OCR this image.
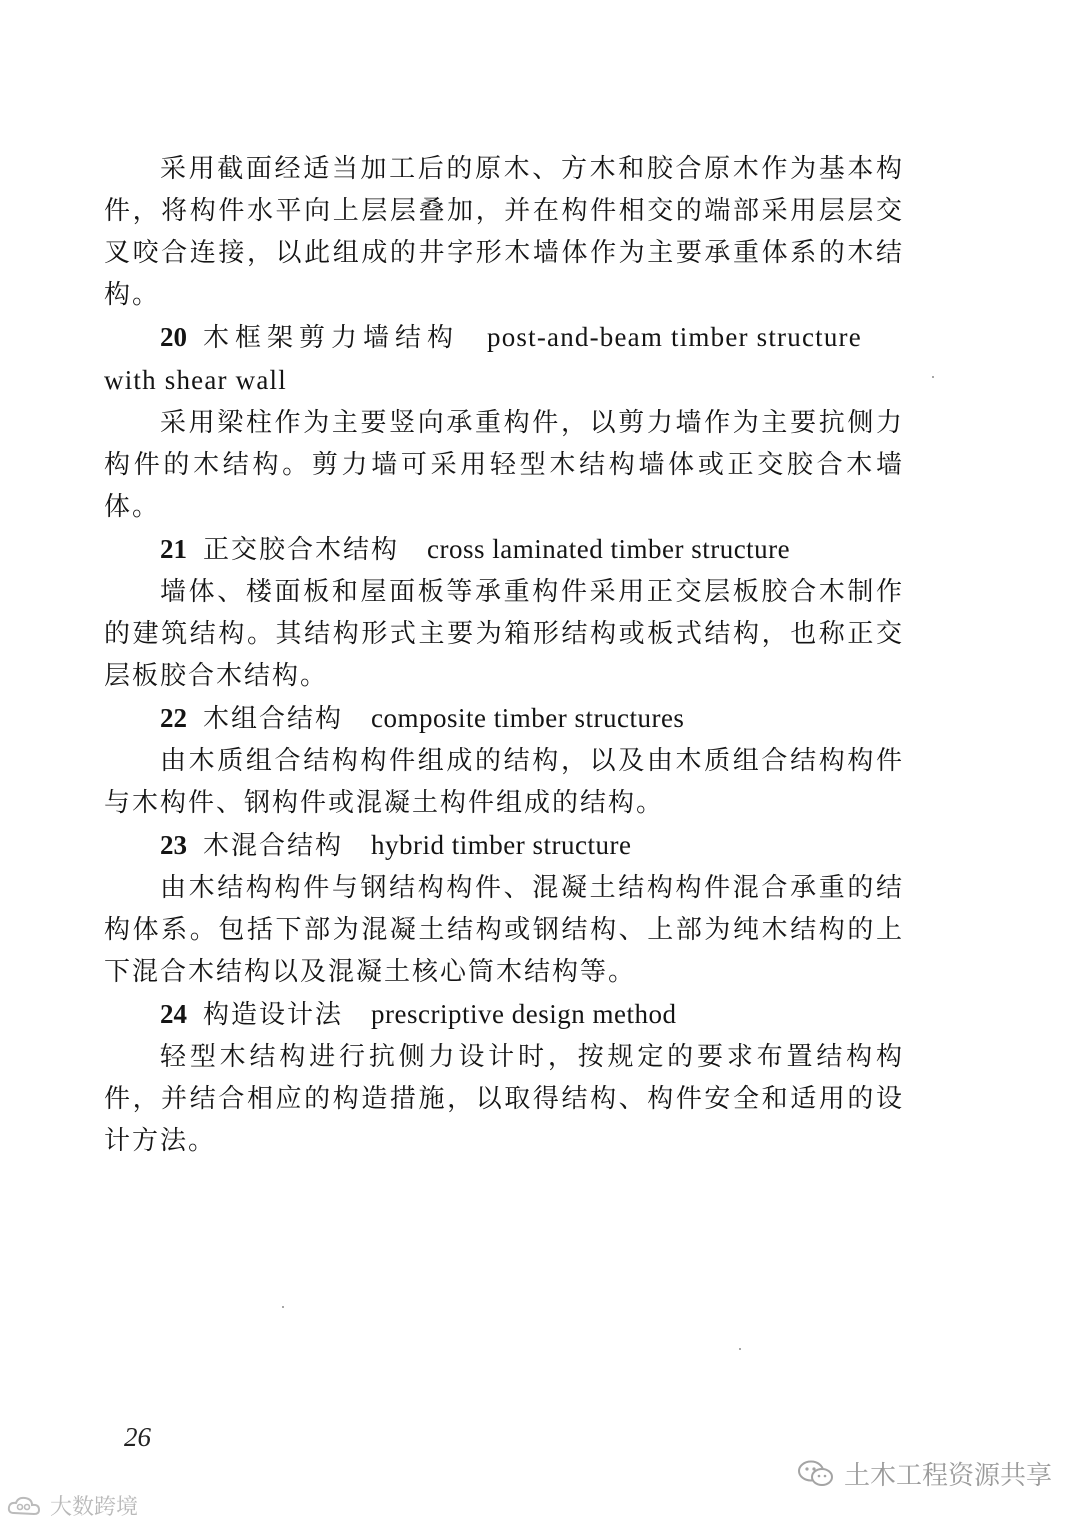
采用截面经适当加工后的原木、方木和胶合原木作为基本构件，将构件水平向上层层叠加，并在构件相交的端部采用层层交叉咬合连接，以此组成的井字形木墙体作为主要承重体系的木结构。

20 木框架剪力墙结构 post-and-beam timber structure with shear wall

采用梁柱作为主要竖向承重构件，以剪力墙作为主要抗侧力构件的木结构。剪力墙可采用轻型木结构墙体或正交胶合木墙体。

21 正交胶合木结构 cross laminated timber structure

墙体、楼面板和屋面板等承重构件采用正交层板胶合木制作的建筑结构。其结构形式主要为箱形结构或板式结构，也称正交层板胶合木结构。

22 木组合结构 composite timber structures

由木质组合结构构件组成的结构，以及由木质组合结构构件与木构件、钢构件或混凝土构件组成的结构。

23 木混合结构 hybrid timber structure

由木结构构件与钢结构构件、混凝土结构构件混合承重的结构体系。包括下部为混凝土结构或钢结构、上部为纯木结构的上下混合木结构以及混凝土核心筒木结构等。

24 构造设计法 prescriptive design method

轻型木结构进行抗侧力设计时，按规定的要求布置结构构件，并结合相应的构造措施，以取得结构、构件安全和适用的设计方法。

26
土木工程资源共享
大数跨境
